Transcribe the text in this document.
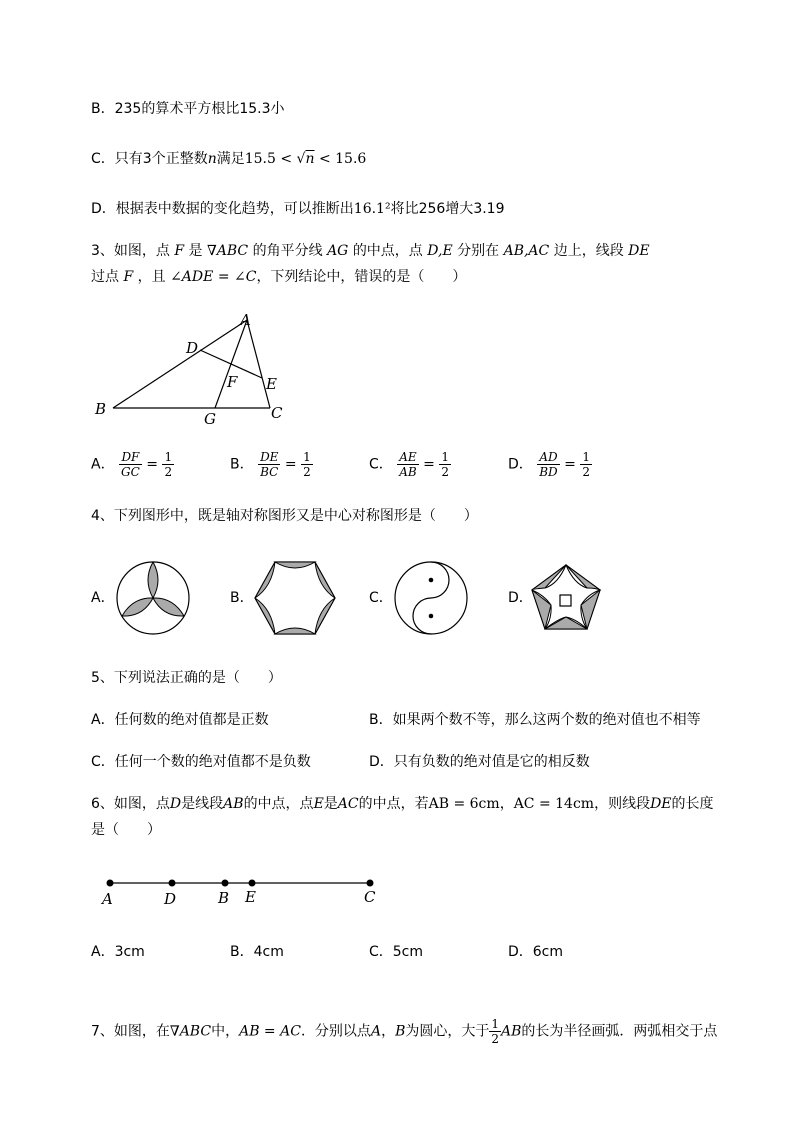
B．235的算术平方根比15.3小
C．只有3个正整数n满足15.5 < √n < 15.6
D．根据表中数据的变化趋势，可以推断出16.1²将比256增大3.19
3、如图，点 F 是 ∇ABC 的角平分线 AG 的中点，点 D,E 分别在 AB,AC 边上，线段 DE
过点 F ，且 ∠ADE = ∠C，下列结论中，错误的是（　　）
A
D
F E
B
G	C
A． $\frac{DF}{GC} = \frac{1}{2}$	B． $\frac{DE}{BC} = \frac{1}{2}$	C． $\frac{AE}{AB} = \frac{1}{2}$	D． $\frac{AD}{BD} = \frac{1}{2}$
4、下列图形中，既是轴对称图形又是中心对称图形是（　　）
A．	B．	C．	D．
5、下列说法正确的是（　　）
A．任何数的绝对值都是正数	B．如果两个数不等，那么这两个数的绝对值也不相等
C．任何一个数的绝对值都不是负数	D．只有负数的绝对值是它的相反数
6、如图，点D是线段AB的中点，点E是AC的中点，若AB = 6cm，AC = 14cm，则线段DE的长度
是（　　）
A	D	B E	C
A．3cm	B．4cm	C．5cm	D．6cm
7、如图，在∇ABC中，AB = AC．分别以点A，B为圆心，大于 $\frac{1}{2}$ AB的长为半径画弧．两弧相交于点
